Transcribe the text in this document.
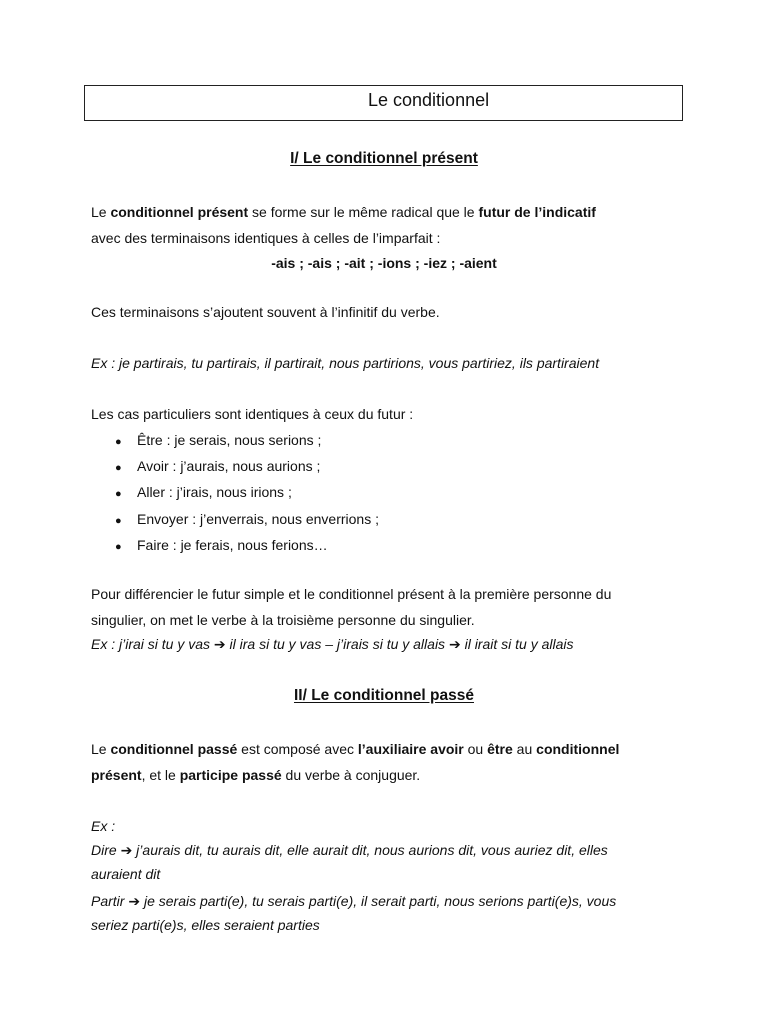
Le conditionnel
I/ Le conditionnel présent
Le conditionnel présent se forme sur le même radical que le futur de l’indicatif
avec des terminaisons identiques à celles de l’imparfait :
-ais ; -ais ; -ait ; -ions ; -iez ; -aient
Ces terminaisons s’ajoutent souvent à l’infinitif du verbe.
Ex : je partirais, tu partirais, il partirait, nous partirions, vous partiriez, ils partiraient
Les cas particuliers sont identiques à ceux du futur :
● Être : je serais, nous serions ;
● Avoir : j’aurais, nous aurions ;
● Aller : j’irais, nous irions ;
● Envoyer : j’enverrais, nous enverrions ;
● Faire : je ferais, nous ferions…
Pour différencier le futur simple et le conditionnel présent à la première personne du
singulier, on met le verbe à la troisième personne du singulier.
Ex : j’irai si tu y vas ➔ il ira si tu y vas – j’irais si tu y allais ➔ il irait si tu y allais
II/ Le conditionnel passé
Le conditionnel passé est composé avec l’auxiliaire avoir ou être au conditionnel
présent, et le participe passé du verbe à conjuguer.
Ex :
Dire ➔ j’aurais dit, tu aurais dit, elle aurait dit, nous aurions dit, vous auriez dit, elles
auraient dit
Partir ➔ je serais parti(e), tu serais parti(e), il serait parti, nous serions parti(e)s, vous
seriez parti(e)s, elles seraient parties
